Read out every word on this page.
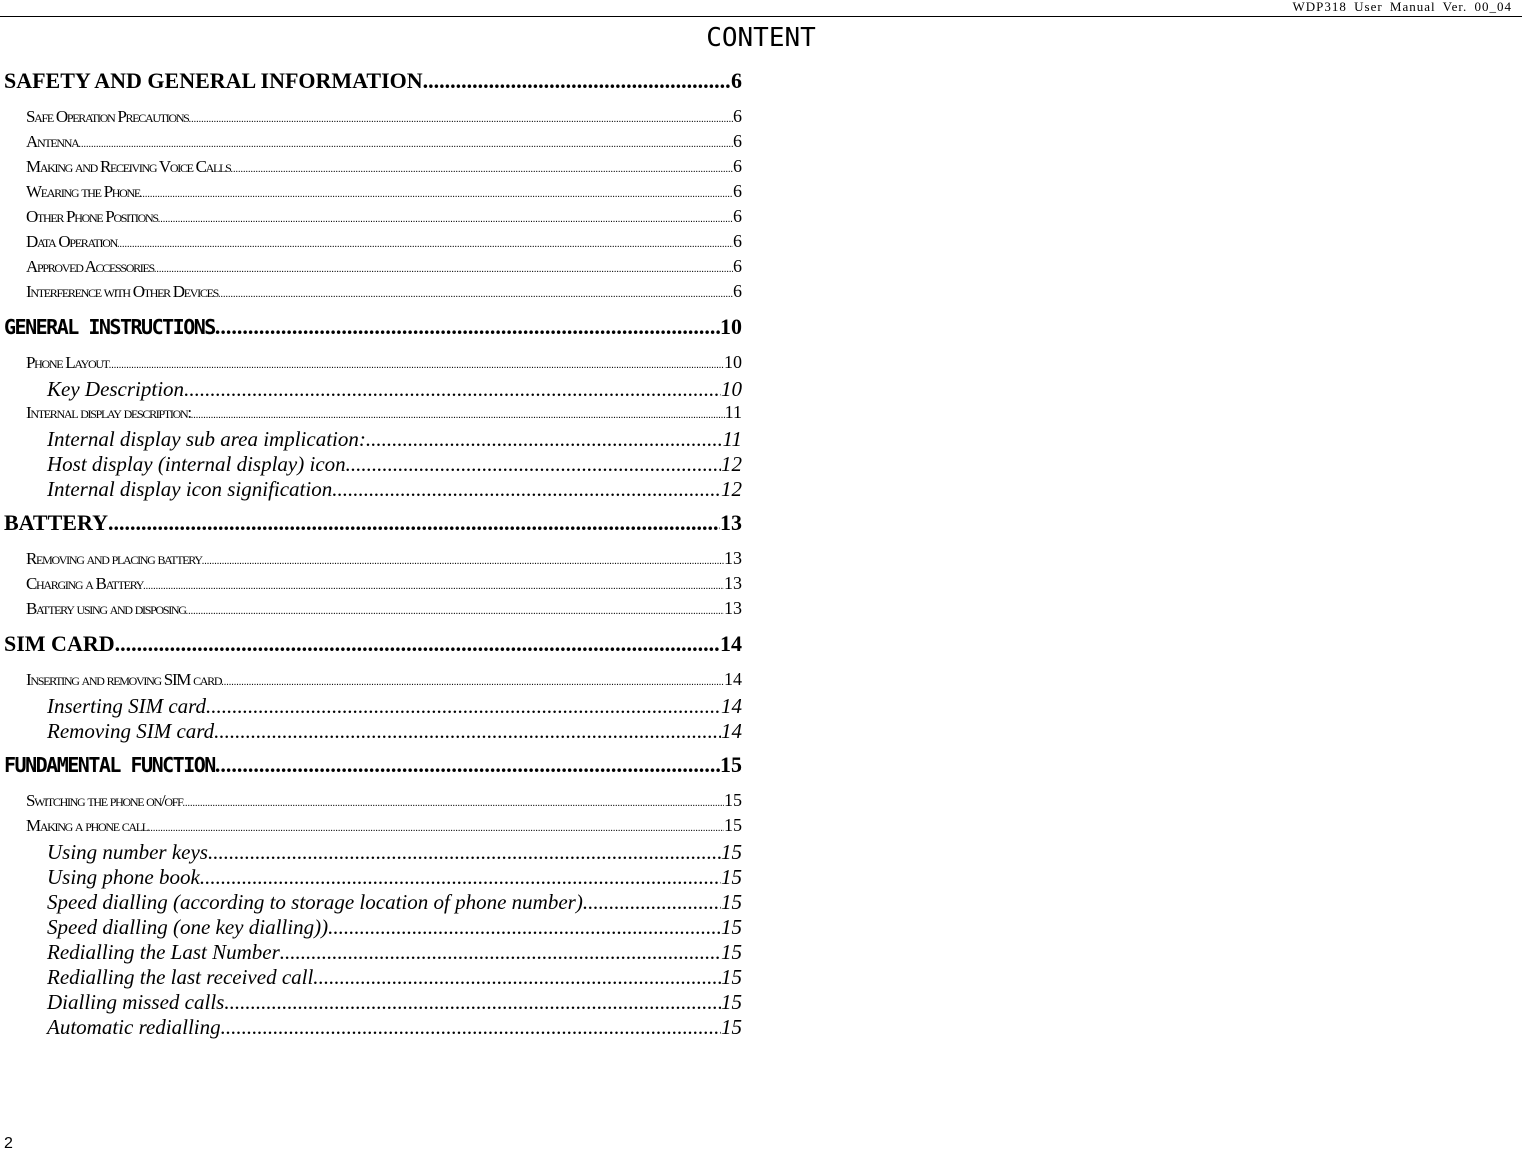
WDP318 User Manual Ver. 00_04
CONTENT
SAFETY AND GENERAL INFORMATION .....	6
Safe Operation Precautions .....	6
Antenna .....	6
Making and Receiving Voice Calls .....	6
Wearing the Phone .....	6
Other Phone Positions .....	6
Data Operation .....	6
Approved Accessories .....	6
Interference with Other Devices .....	6
GENERAL INSTRUCTIONS .....	10
Phone Layout .....	10
Key Description .....	10
Internal display description: .....	11
Internal display sub area implication: .....	11
Host display (internal display) icon .....	12
Internal display icon signification .....	12
BATTERY .....	13
Removing and placing battery .....	13
Charging a Battery .....	13
Battery using and disposing .....	13
SIM CARD .....	14
Inserting and removing SIM card .....	14
Inserting SIM card .....	14
Removing SIM card .....	14
FUNDAMENTAL FUNCTION .....	15
Switching the phone on/off .....	15
Making a phone call .....	15
Using number keys .....	15
Using phone book .....	15
Speed dialling (according to storage location of phone number) .....	15
Speed dialling (one key dialling)) .....	15
Redialling the Last Number .....	15
Redialling the last received call. .....	15
Dialling missed calls. .....	15
Automatic redialling .....	15
2
